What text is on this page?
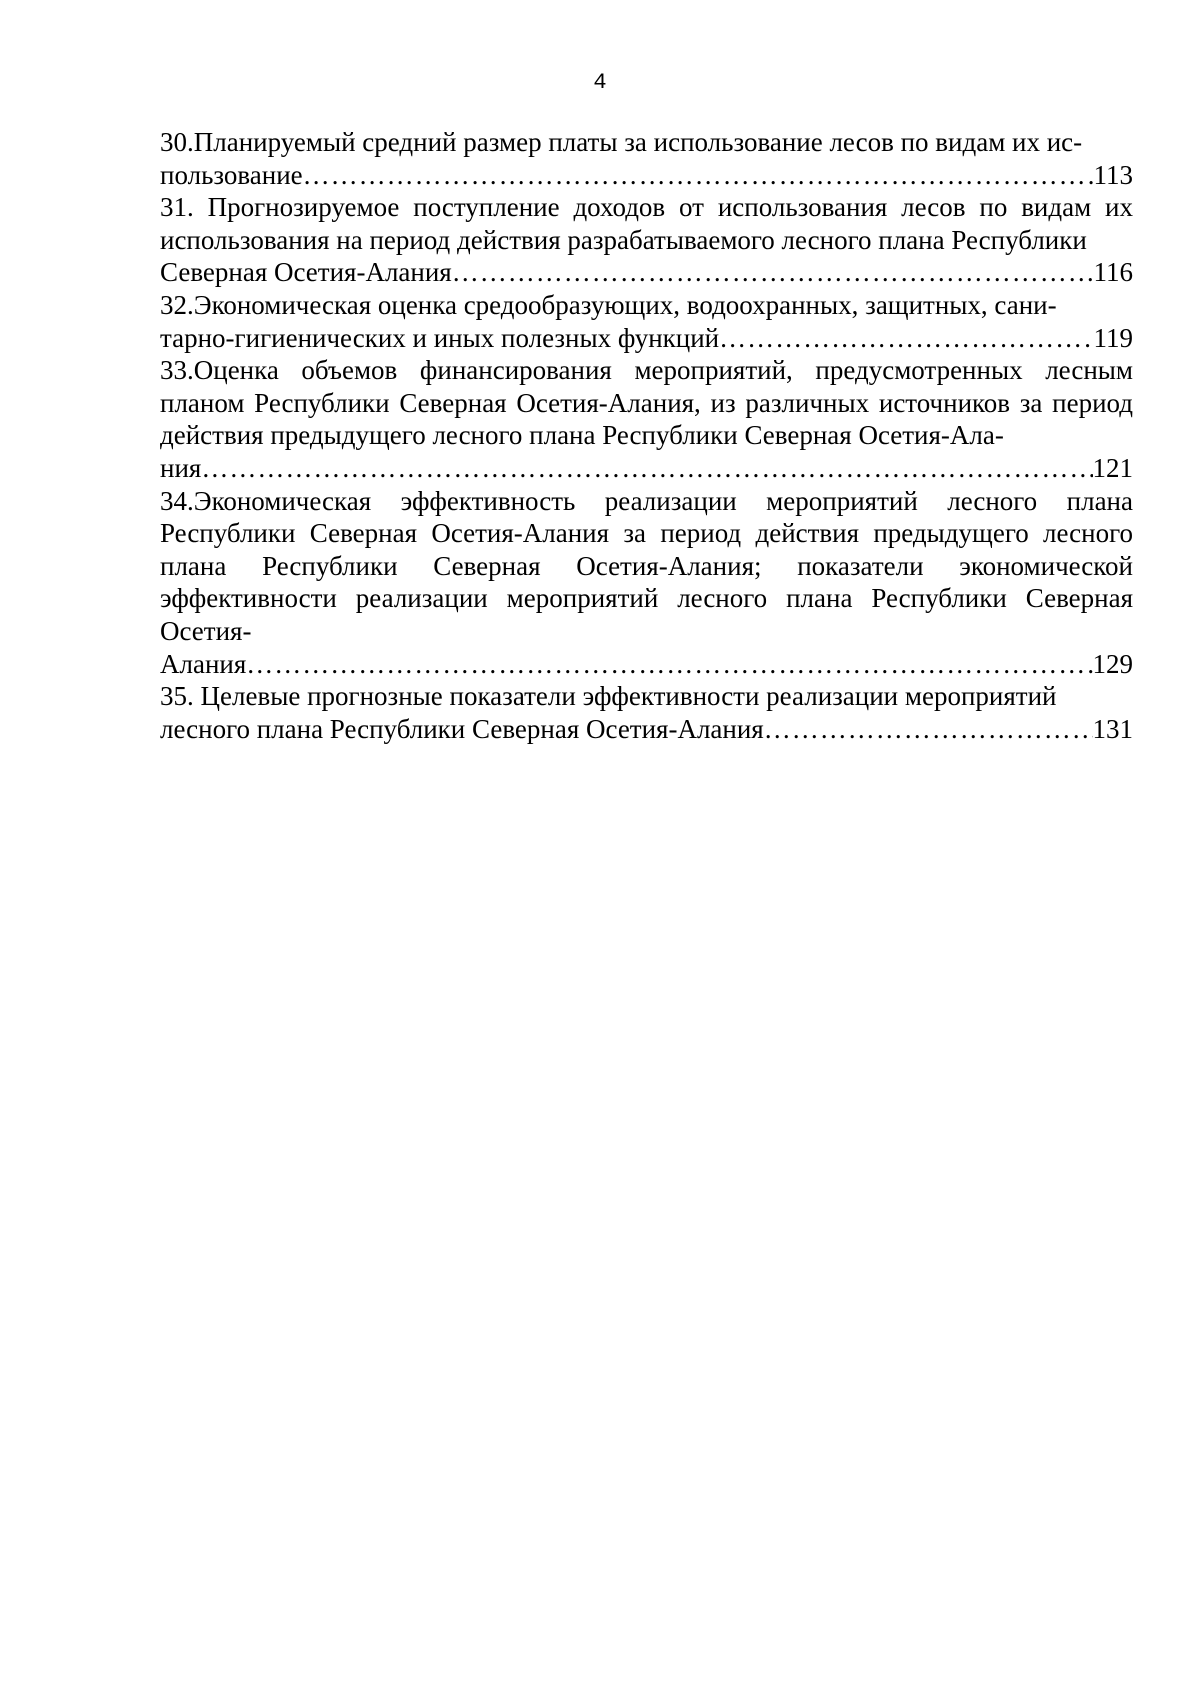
4
30.Планируемый средний размер платы за использование лесов по видам их ис-
пользование ……………………………………………………………………………………………………………………………………………………………………………………	113
31. Прогнозируемое поступление доходов от использования лесов по видам их использования на период действия разрабатываемого лесного плана Республики
Северная Осетия-Алания ……………………………………………………………………………………………………………………………………………………………………………………	116
32.Экономическая оценка средообразующих, водоохранных, защитных, сани-
тарно-гигиенических и иных полезных функций ……………………………………………………………………………………………………………………………………………………………………………………	119
33.Оценка объемов финансирования мероприятий, предусмотренных лесным планом Республики Северная Осетия-Алания, из различных источников за период действия предыдущего лесного плана Республики Северная Осетия-Ала-
ния ……………………………………………………………………………………………………………………………………………………………………………………	121
34.Экономическая эффективность реализации мероприятий лесного плана Республики Северная Осетия-Алания за период действия предыдущего лесного плана Республики Северная Осетия-Алания; показатели экономической эффективности реализации мероприятий лесного плана Республики Северная Осетия-
Алания ……………………………………………………………………………………………………………………………………………………………………………………	129
35. Целевые прогнозные показатели эффективности реализации мероприятий
лесного плана Республики Северная Осетия-Алания ……………………………………………………………………………………………………………………………………………………………………………………	131
